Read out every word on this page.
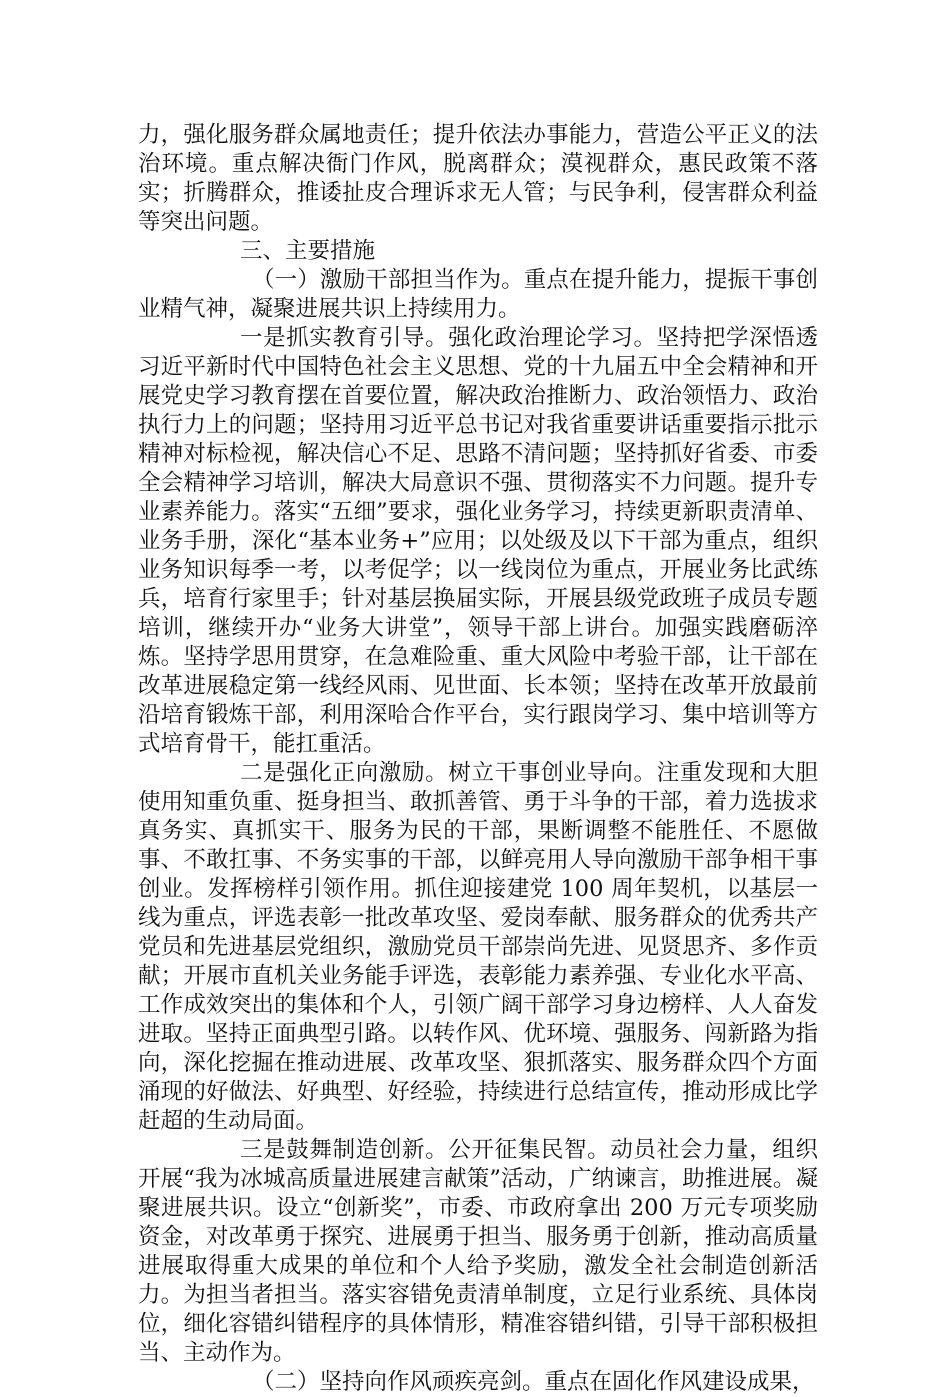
力，强化服务群众属地责任；提升依法办事能力，营造公平正义的法治环境。重点解决衙门作风，脱离群众；漠视群众，惠民政策不落实；折腾群众，推诿扯皮合理诉求无人管；与民争利，侵害群众利益等突出问题。

三、主要措施

（一）激励干部担当作为。重点在提升能力，提振干事创业精气神，凝聚进展共识上持续用力。

一是抓实教育引导。强化政治理论学习。坚持把学深悟透习近平新时代中国特色社会主义思想、党的十九届五中全会精神和开展党史学习教育摆在首要位置，解决政治推断力、政治领悟力、政治执行力上的问题；坚持用习近平总书记对我省重要讲话重要指示批示精神对标检视，解决信心不足、思路不清问题；坚持抓好省委、市委全会精神学习培训，解决大局意识不强、贯彻落实不力问题。提升专业素养能力。落实“五细”要求，强化业务学习，持续更新职责清单、业务手册，深化“基本业务+”应用；以处级及以下干部为重点，组织业务知识每季一考，以考促学；以一线岗位为重点，开展业务比武练兵，培育行家里手；针对基层换届实际，开展县级党政班子成员专题培训，继续开办“业务大讲堂”，领导干部上讲台。加强实践磨砺淬炼。坚持学思用贯穿，在急难险重、重大风险中考验干部，让干部在改革进展稳定第一线经风雨、见世面、长本领；坚持在改革开放最前沿培育锻炼干部，利用深哈合作平台，实行跟岗学习、集中培训等方式培育骨干，能扛重活。

二是强化正向激励。树立干事创业导向。注重发现和大胆使用知重负重、挺身担当、敢抓善管、勇于斗争的干部，着力选拔求真务实、真抓实干、服务为民的干部，果断调整不能胜任、不愿做事、不敢扛事、不务实事的干部，以鲜亮用人导向激励干部争相干事创业。发挥榜样引领作用。抓住迎接建党 100 周年契机，以基层一线为重点，评选表彰一批改革攻坚、爱岗奉献、服务群众的优秀共产党员和先进基层党组织，激励党员干部崇尚先进、见贤思齐、多作贡献；开展市直机关业务能手评选，表彰能力素养强、专业化水平高、工作成效突出的集体和个人，引领广阔干部学习身边榜样、人人奋发进取。坚持正面典型引路。以转作风、优环境、强服务、闯新路为指向，深化挖掘在推动进展、改革攻坚、狠抓落实、服务群众四个方面涌现的好做法、好典型、好经验，持续进行总结宣传，推动形成比学赶超的生动局面。

三是鼓舞制造创新。公开征集民智。动员社会力量，组织开展“我为冰城高质量进展建言献策”活动，广纳谏言，助推进展。凝聚进展共识。设立“创新奖”，市委、市政府拿出 200 万元专项奖励资金，对改革勇于探究、进展勇于担当、服务勇于创新，推动高质量进展取得重大成果的单位和个人给予奖励，激发全社会制造创新活力。为担当者担当。落实容错免责清单制度，立足行业系统、具体岗位，细化容错纠错程序的具体情形，精准容错纠错，引导干部积极担当、主动作为。

（二）坚持向作风顽疾亮剑。重点在固化作风建设成果，
